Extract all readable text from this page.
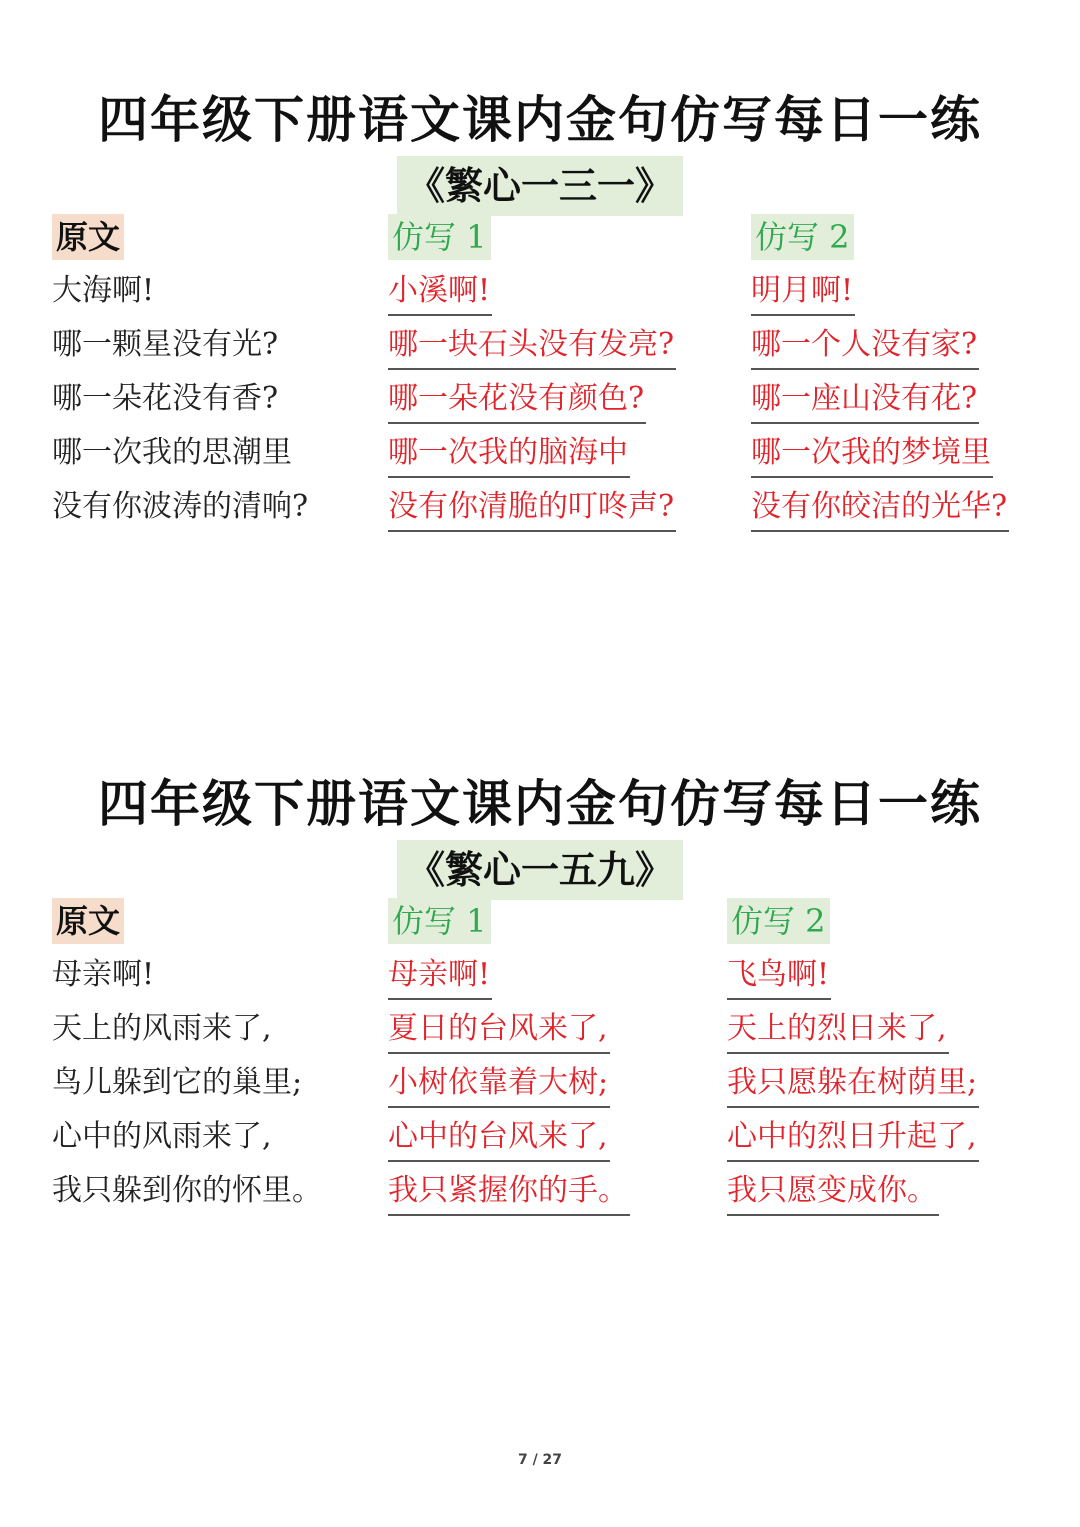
四年级下册语文课内金句仿写每日一练
《繁心一三一》
原文
大海啊!
哪一颗星没有光?
哪一朵花没有香?
哪一次我的思潮里
没有你波涛的清响?
仿写 1
小溪啊!
哪一块石头没有发亮?
哪一朵花没有颜色?
哪一次我的脑海中
没有你清脆的叮咚声?
仿写 2
明月啊!
哪一个人没有家?
哪一座山没有花?
哪一次我的梦境里
没有你皎洁的光华?
四年级下册语文课内金句仿写每日一练
《繁心一五九》
原文
母亲啊!
天上的风雨来了,
鸟儿躲到它的巢里;
心中的风雨来了,
我只躲到你的怀里。
仿写 1
母亲啊!
夏日的台风来了,
小树依靠着大树;
心中的台风来了,
我只紧握你的手。
仿写 2
飞鸟啊!
天上的烈日来了,
我只愿躲在树荫里;
心中的烈日升起了,
我只愿变成你。
7 / 27
